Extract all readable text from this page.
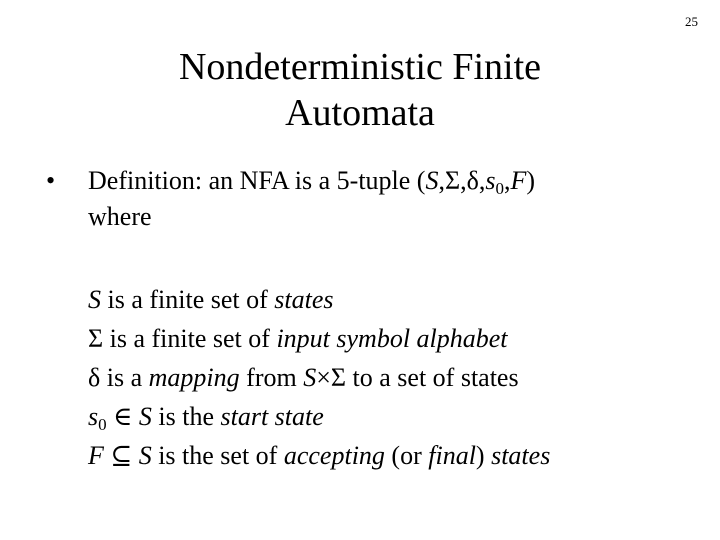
25
Nondeterministic Finite
Automata
• Definition: an NFA is a 5-tuple $(S,\Sigma,\delta,s_0,F)$
where
S is a finite set of states
Σ is a finite set of input symbol alphabet
δ is a mapping from S×Σ to a set of states
$s_0$ ∈ S is the start state
F ⊆ S is the set of accepting (or final) states
